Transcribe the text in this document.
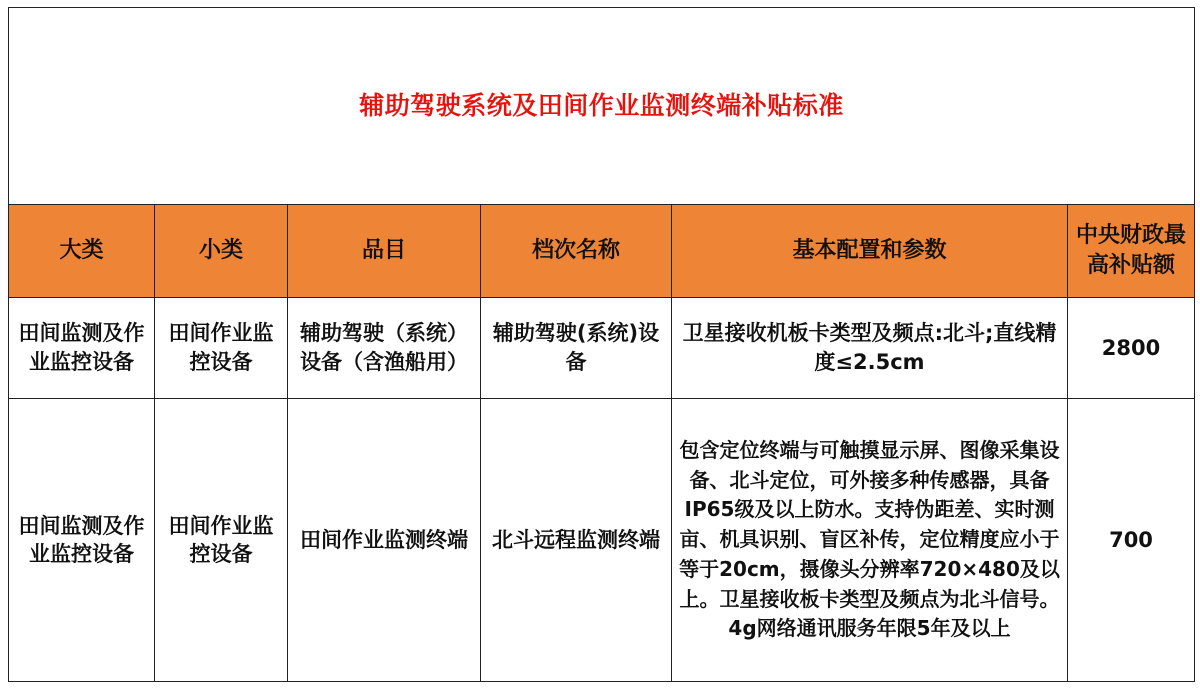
辅助驾驶系统及田间作业监测终端补贴标准					
大类	小类	品目	档次名称	基本配置和参数	中央财政最高补贴额
田间监测及作业监控设备	田间作业监控设备	辅助驾驶（系统）设备（含渔船用）	辅助驾驶(系统)设备	卫星接收机板卡类型及频点:北斗;直线精度≤2.5cm	2800
田间监测及作业监控设备	田间作业监控设备	田间作业监测终端	北斗远程监测终端	包含定位终端与可触摸显示屏、图像采集设备、北斗定位，可外接多种传感器，具备IP65级及以上防水。支持伪距差、实时测亩、机具识别、盲区补传，定位精度应小于等于20cm，摄像头分辨率720×480及以上。卫星接收板卡类型及频点为北斗信号。4g网络通讯服务年限5年及以上	700
